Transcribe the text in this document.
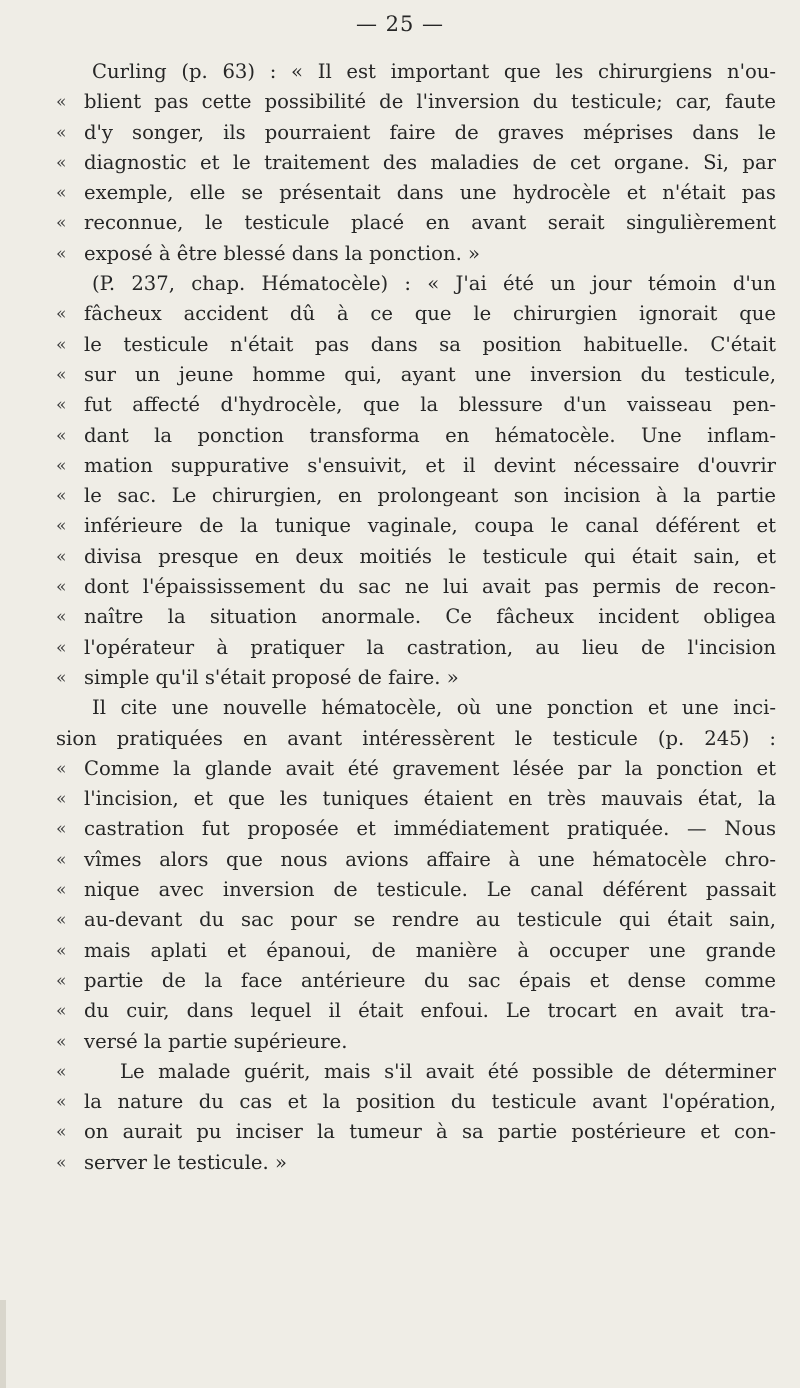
— 25 —
Curling (p. 63) : « Il est important que les chirurgiens n'ou-
« blient pas cette possibilité de l'inversion du testicule; car, faute
« d'y songer, ils pourraient faire de graves méprises dans le
« diagnostic et le traitement des maladies de cet organe. Si, par
« exemple, elle se présentait dans une hydrocèle et n'était pas
« reconnue, le testicule placé en avant serait singulièrement
« exposé à être blessé dans la ponction. »
(P. 237, chap. Hématocèle) : « J'ai été un jour témoin d'un
« fâcheux accident dû à ce que le chirurgien ignorait que
« le testicule n'était pas dans sa position habituelle. C'était
« sur un jeune homme qui, ayant une inversion du testicule,
« fut affecté d'hydrocèle, que la blessure d'un vaisseau pen-
« dant la ponction transforma en hématocèle. Une inflam-
« mation suppurative s'ensuivit, et il devint nécessaire d'ouvrir
« le sac. Le chirurgien, en prolongeant son incision à la partie
« inférieure de la tunique vaginale, coupa le canal déférent et
« divisa presque en deux moitiés le testicule qui était sain, et
« dont l'épaississement du sac ne lui avait pas permis de recon-
« naître la situation anormale. Ce fâcheux incident obligea
« l'opérateur à pratiquer la castration, au lieu de l'incision
« simple qu'il s'était proposé de faire. »
Il cite une nouvelle hématocèle, où une ponction et une inci-
sion pratiquées en avant intéressèrent le testicule (p. 245) :
« Comme la glande avait été gravement lésée par la ponction et
« l'incision, et que les tuniques étaient en très mauvais état, la
« castration fut proposée et immédiatement pratiquée. — Nous
« vîmes alors que nous avions affaire à une hématocèle chro-
« nique avec inversion de testicule. Le canal déférent passait
« au-devant du sac pour se rendre au testicule qui était sain,
« mais aplati et épanoui, de manière à occuper une grande
« partie de la face antérieure du sac épais et dense comme
« du cuir, dans lequel il était enfoui. Le trocart en avait tra-
« versé la partie supérieure.
«	Le malade guérit, mais s'il avait été possible de déterminer
« la nature du cas et la position du testicule avant l'opération,
« on aurait pu inciser la tumeur à sa partie postérieure et con-
« server le testicule. »
